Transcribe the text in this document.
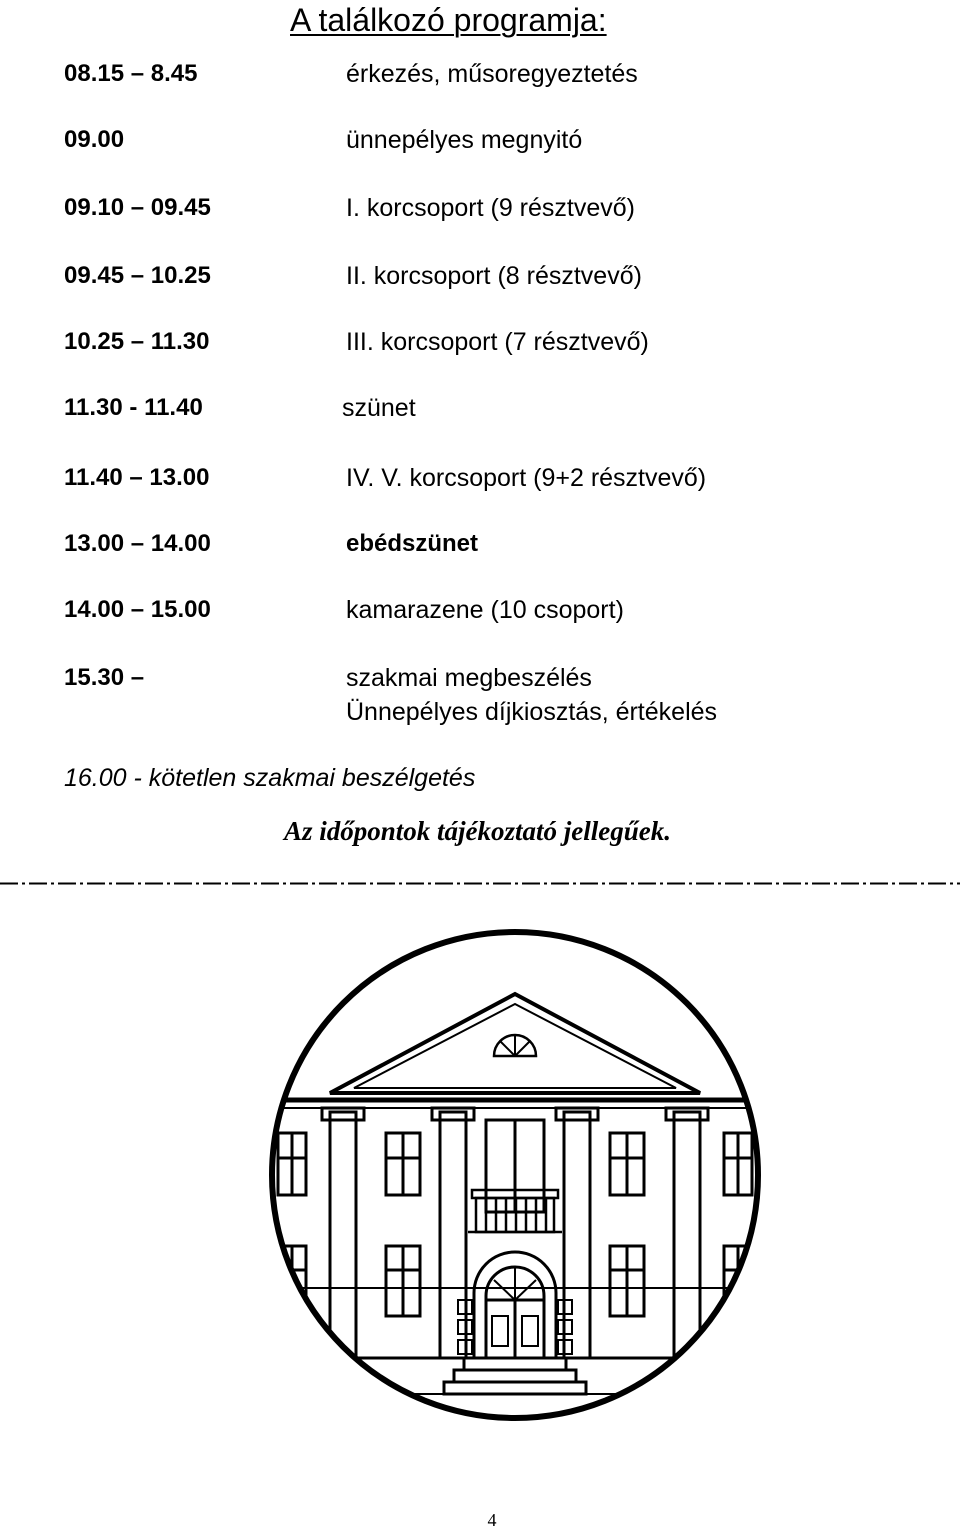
A találkozó programja:
08.15 – 8.45	érkezés, műsoregyeztetés
09.00	ünnepélyes megnyitó
09.10 – 09.45	I. korcsoport (9 résztvevő)
09.45 – 10.25	II. korcsoport (8 résztvevő)
10.25 – 11.30	III. korcsoport (7 résztvevő)
11.30 - 11.40	szünet
11.40 – 13.00	IV. V. korcsoport (9+2 résztvevő)
13.00 – 14.00	ebédszünet
14.00 – 15.00	kamarazene (10 csoport)
15.30 –	szakmai megbeszélés
Ünnepélyes díjkiosztás, értékelés
16.00 - kötetlen szakmai beszélgetés
Az időpontok tájékoztató jellegűek.
4
